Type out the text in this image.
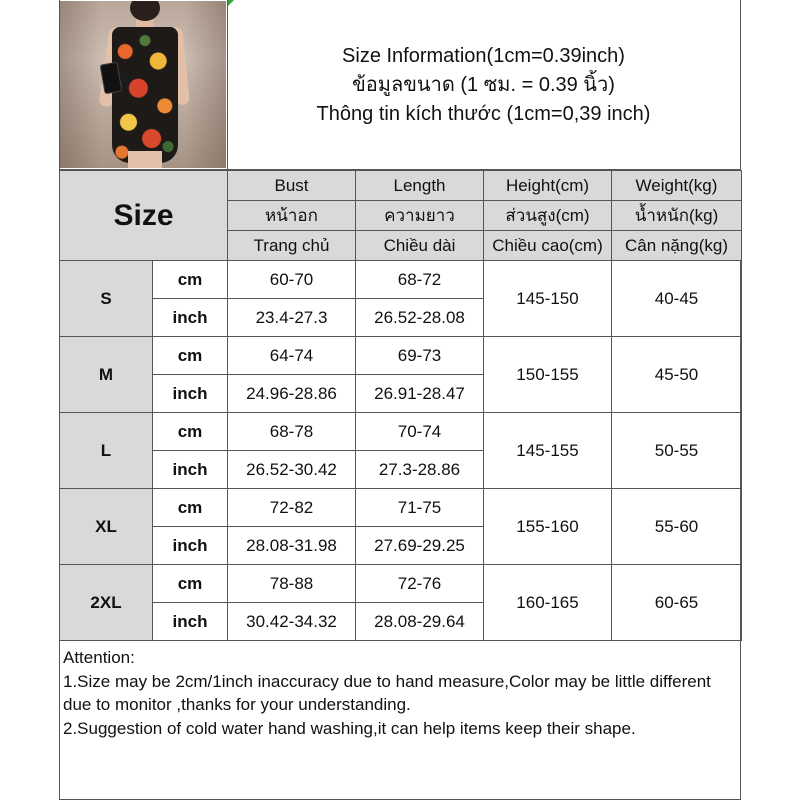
Size Information(1cm=0.39inch)
ข้อมูลขนาด (1 ซม. = 0.39 นิ้ว)
Thông tin kích thước (1cm=0,39 inch)
Size		Bust	Length	Height(cm)	Weight(kg)
		หน้าอก	ความยาว	ส่วนสูง(cm)	น้ำหนัก(kg)
		Trang chủ	Chiều dài	Chiều cao(cm)	Cân nặng(kg)
S	cm	60-70	68-72	145-150	40-45
	inch	23.4-27.3	26.52-28.08		
M	cm	64-74	69-73	150-155	45-50
	inch	24.96-28.86	26.91-28.47		
L	cm	68-78	70-74	145-155	50-55
	inch	26.52-30.42	27.3-28.86		
XL	cm	72-82	71-75	155-160	55-60
	inch	28.08-31.98	27.69-29.25		
2XL	cm	78-88	72-76	160-165	60-65
	inch	30.42-34.32	28.08-29.64		
Attention:
1.Size may be 2cm/1inch inaccuracy due to hand measure,Color may be little different due to monitor ,thanks for your understanding.
2.Suggestion of cold water hand washing,it can help items keep their shape.
